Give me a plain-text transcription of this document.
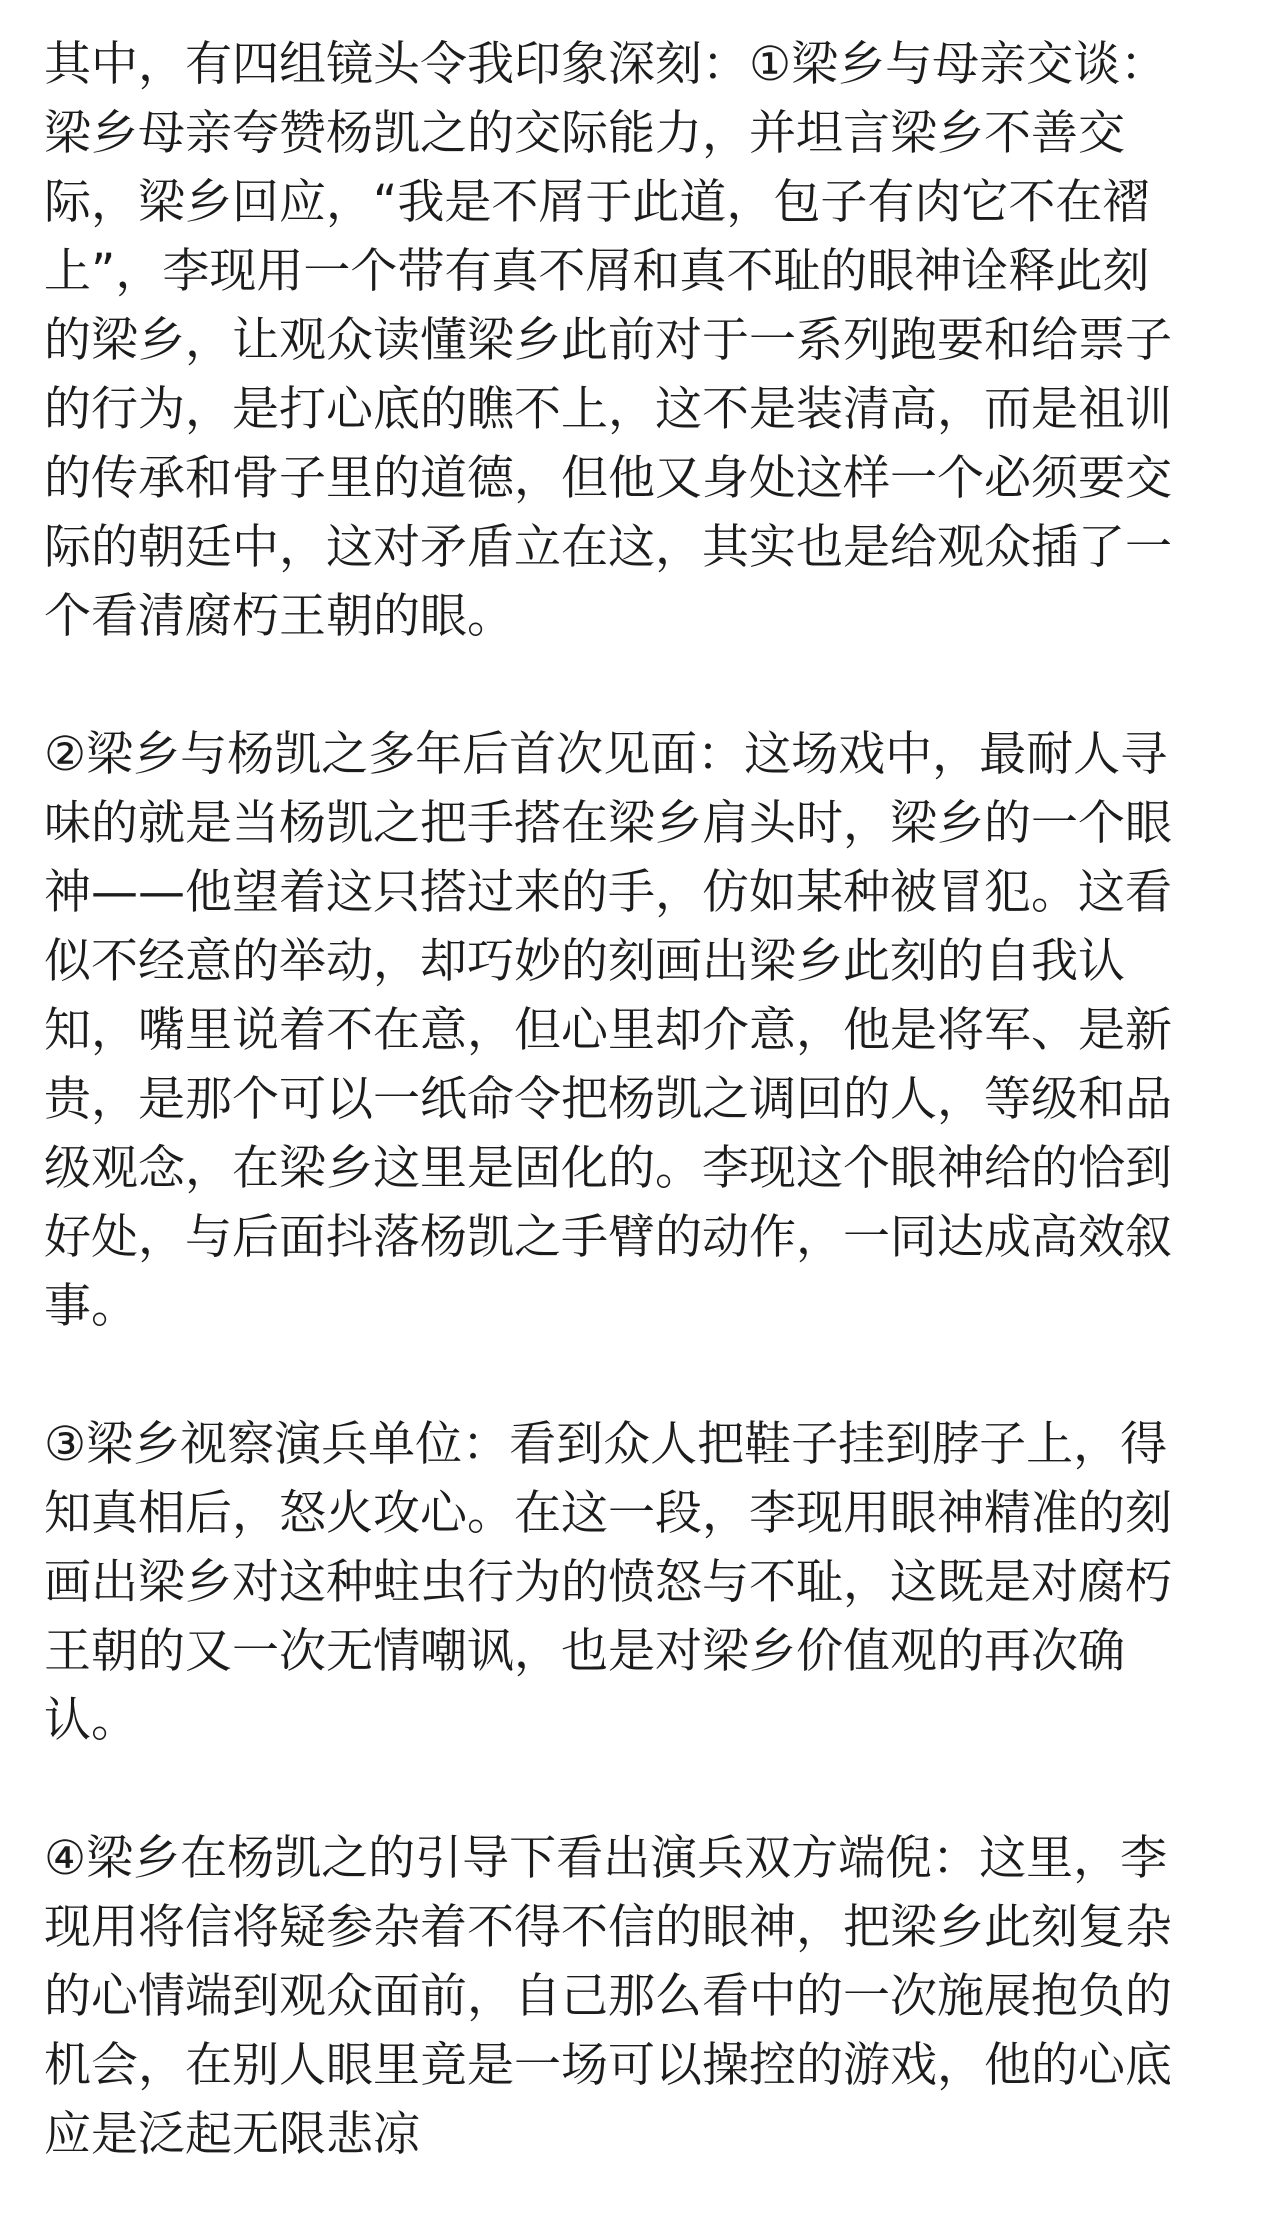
其中，有四组镜头令我印象深刻：①梁乡与母亲交谈：
梁乡母亲夸赞杨凯之的交际能力，并坦言梁乡不善交
际，梁乡回应，“我是不屑于此道，包子有肉它不在褶
上”，李现用一个带有真不屑和真不耻的眼神诠释此刻
的梁乡，让观众读懂梁乡此前对于一系列跑要和给票子
的行为，是打心底的瞧不上，这不是装清高，而是祖训
的传承和骨子里的道德，但他又身处这样一个必须要交
际的朝廷中，这对矛盾立在这，其实也是给观众插了一
个看清腐朽王朝的眼。
②梁乡与杨凯之多年后首次见面：这场戏中，最耐人寻
味的就是当杨凯之把手搭在梁乡肩头时，梁乡的一个眼
神——他望着这只搭过来的手，仿如某种被冒犯。这看
似不经意的举动，却巧妙的刻画出梁乡此刻的自我认
知，嘴里说着不在意，但心里却介意，他是将军、是新
贵，是那个可以一纸命令把杨凯之调回的人，等级和品
级观念，在梁乡这里是固化的。李现这个眼神给的恰到
好处，与后面抖落杨凯之手臂的动作，一同达成高效叙
事。
③梁乡视察演兵单位：看到众人把鞋子挂到脖子上，得
知真相后，怒火攻心。在这一段，李现用眼神精准的刻
画出梁乡对这种蛀虫行为的愤怒与不耻，这既是对腐朽
王朝的又一次无情嘲讽，也是对梁乡价值观的再次确
认。
④梁乡在杨凯之的引导下看出演兵双方端倪：这里，李
现用将信将疑参杂着不得不信的眼神，把梁乡此刻复杂
的心情端到观众面前，自己那么看中的一次施展抱负的
机会，在别人眼里竟是一场可以操控的游戏，他的心底
应是泛起无限悲凉
